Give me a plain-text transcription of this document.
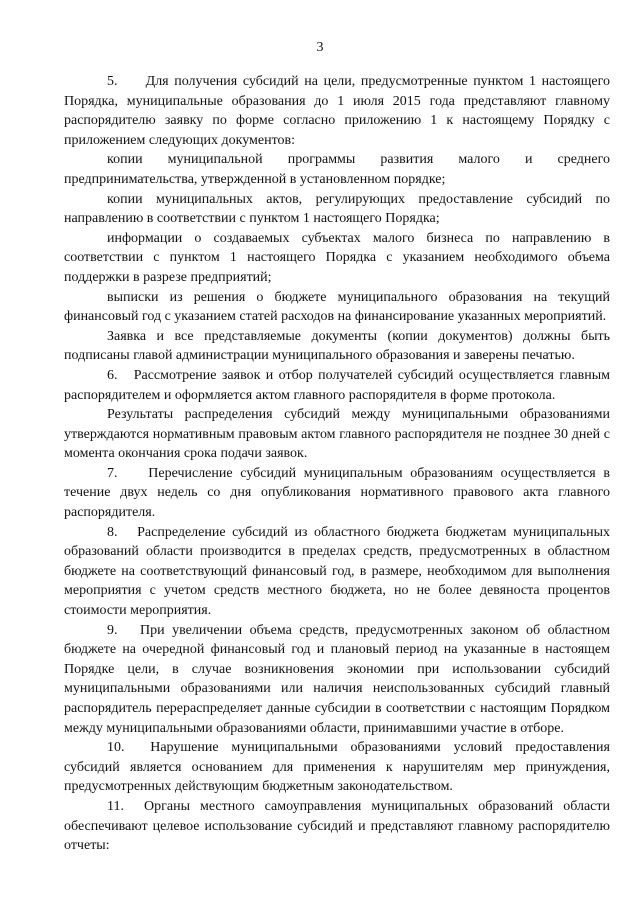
3

5.     Для получения субсидий на цели, предусмотренные пунктом 1 настоящего Порядка, муниципальные образования до 1 июля 2015 года представляют главному распорядителю заявку по форме согласно приложению 1 к настоящему Порядку с приложением следующих документов:

копии муниципальной программы развития малого и среднего предпринимательства, утвержденной в установленном порядке;

копии муниципальных актов, регулирующих предоставление субсидий по направлению в соответствии с пунктом 1 настоящего Порядка;

информации о создаваемых субъектах малого бизнеса по направлению в соответствии с пунктом 1 настоящего Порядка с указанием необходимого объема поддержки в разрезе предприятий;

выписки из решения о бюджете муниципального образования на текущий финансовый год с указанием статей расходов на финансирование указанных мероприятий.

Заявка и все представляемые документы (копии документов) должны быть подписаны главой администрации муниципального образования и заверены печатью.

6.   Рассмотрение заявок и отбор получателей субсидий осуществляется главным распорядителем и оформляется актом главного распорядителя в форме протокола.

Результаты распределения субсидий между муниципальными образованиями утверждаются нормативным правовым актом главного распорядителя не позднее 30 дней с момента окончания срока подачи заявок.

7.    Перечисление субсидий муниципальным образованиям осуществляется в течение двух недель со дня опубликования нормативного правового акта главного распорядителя.

8.   Распределение субсидий из областного бюджета бюджетам муниципальных образований области производится в пределах средств, предусмотренных в областном бюджете на соответствующий финансовый год, в размере, необходимом для выполнения мероприятия с учетом средств местного бюджета, но не более девяноста процентов стоимости мероприятия.

9.   При увеличении объема средств, предусмотренных законом об областном бюджете на очередной финансовый год и плановый период на указанные в настоящем Порядке цели, в случае возникновения экономии при использовании субсидий муниципальными образованиями или наличия неиспользованных субсидий главный распорядитель перераспределяет данные субсидии в соответствии с настоящим Порядком между муниципальными образованиями области, принимавшими участие в отборе.

10.  Нарушение муниципальными образованиями условий предоставления субсидий является основанием для применения к нарушителям мер принуждения, предусмотренных действующим бюджетным законодательством.

11.  Органы местного самоуправления муниципальных образований области обеспечивают целевое использование субсидий и представляют главному распорядителю отчеты:
